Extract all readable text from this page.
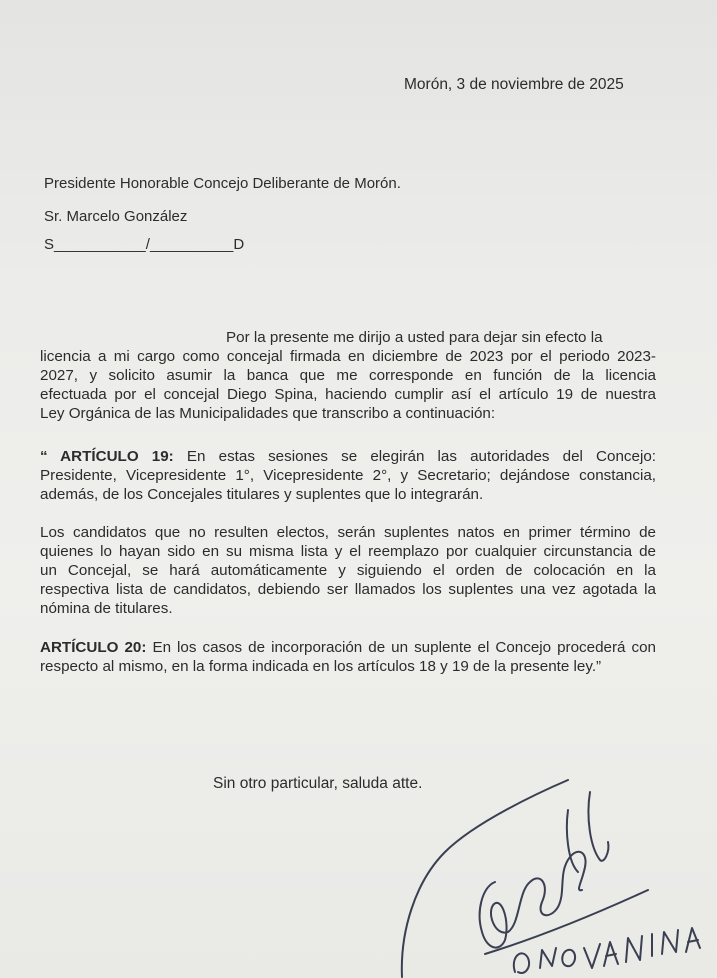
Morón, 3 de noviembre de 2025
Presidente Honorable Concejo Deliberante de Morón.
Sr. Marcelo González
S___________/__________D
Por la presente me dirijo a usted para dejar sin efecto la
licencia a mi cargo como concejal firmada en diciembre de 2023 por el periodo 2023-
2027, y solicito asumir la banca que me corresponde en función de la licencia
efectuada por el concejal Diego Spina, haciendo cumplir así el artículo 19 de nuestra
Ley Orgánica de las Municipalidades que transcribo a continuación:
“ ARTÍCULO 19: En estas sesiones se elegirán las autoridades del Concejo:
Presidente, Vicepresidente 1°, Vicepresidente 2°, y Secretario; dejándose constancia,
además, de los Concejales titulares y suplentes que lo integrarán.
Los candidatos que no resulten electos, serán suplentes natos en primer término de
quienes lo hayan sido en su misma lista y el reemplazo por cualquier circunstancia de
un Concejal, se hará automáticamente y siguiendo el orden de colocación en la
respectiva lista de candidatos, debiendo ser llamados los suplentes una vez agotada la
nómina de titulares.
ARTÍCULO 20: En los casos de incorporación de un suplente el Concejo procederá con
respecto al mismo, en la forma indicada en los artículos 18 y 19 de la presente ley.”
Sin otro particular, saluda atte.
